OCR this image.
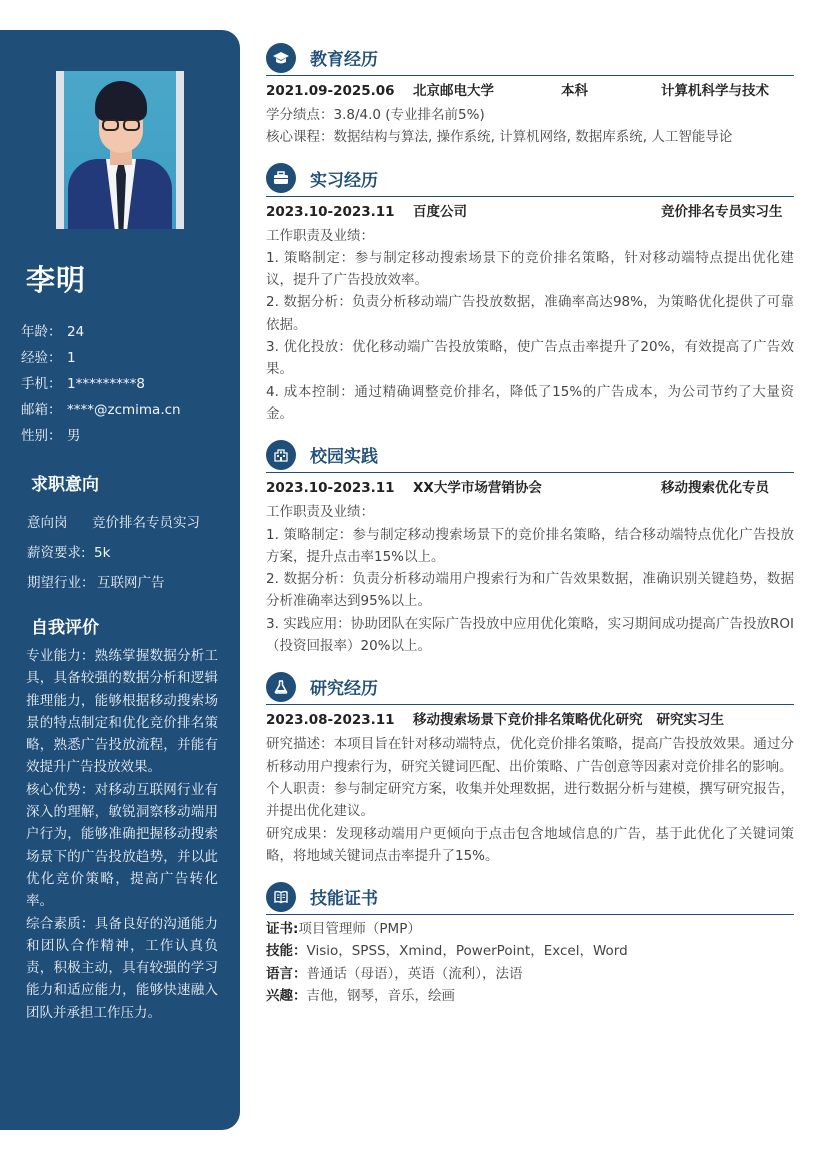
李明
年龄： 24
经验： 1
手机： 1*********8
邮箱： ****@zcmima.cn
性别： 男
求职意向
意向岗	竞价排名专员实习
薪资要求: 5k
期望行业： 互联网广告
自我评价

专业能力：熟练掌握数据分析工具，具备较强的数据分析和逻辑推理能力，能够根据移动搜索场景的特点制定和优化竞价排名策略，熟悉广告投放流程，并能有效提升广告投放效果。

核心优势：对移动互联网行业有深入的理解，敏锐洞察移动端用户行为，能够准确把握移动搜索场景下的广告投放趋势，并以此优化竞价策略，提高广告转化率。

综合素质：具备良好的沟通能力和团队合作精神，工作认真负责，积极主动，具有较强的学习能力和适应能力，能够快速融入团队并承担工作压力。

教育经历
2021.09-2025.06	北京邮电大学	本科	计算机科学与技术
学分绩点：3.8/4.0 (专业排名前5%)
核心课程：数据结构与算法, 操作系统, 计算机网络, 数据库系统, 人工智能导论
实习经历
2023.10-2023.11	百度公司	竞价排名专员实习生
工作职责及业绩：
1. 策略制定：参与制定移动搜索场景下的竞价排名策略，针对移动端特点提出优化建议，提升了广告投放效率。
2. 数据分析：负责分析移动端广告投放数据，准确率高达98%，为策略优化提供了可靠依据。
3. 优化投放：优化移动端广告投放策略，使广告点击率提升了20%，有效提高了广告效果。
4. 成本控制：通过精确调整竞价排名，降低了15%的广告成本，为公司节约了大量资金。
校园实践
2023.10-2023.11	XX大学市场营销协会	移动搜索优化专员
工作职责及业绩：
1. 策略制定：参与制定移动搜索场景下的竞价排名策略，结合移动端特点优化广告投放方案，提升点击率15%以上。
2. 数据分析：负责分析移动端用户搜索行为和广告效果数据，准确识别关键趋势，数据分析准确率达到95%以上。
3. 实践应用：协助团队在实际广告投放中应用优化策略，实习期间成功提高广告投放ROI（投资回报率）20%以上。
研究经历
2023.08-2023.11	移动搜索场景下竞价排名策略优化研究 研究实习生
研究描述：本项目旨在针对移动端特点，优化竞价排名策略，提高广告投放效果。通过分析移动用户搜索行为，研究关键词匹配、出价策略、广告创意等因素对竞价排名的影响。
个人职责：参与制定研究方案，收集并处理数据，进行数据分析与建模，撰写研究报告，并提出优化建议。
研究成果：发现移动端用户更倾向于点击包含地域信息的广告，基于此优化了关键词策略，将地域关键词点击率提升了15%。
技能证书
证书:项目管理师（PMP）
技能：Visio，SPSS，Xmind，PowerPoint，Excel，Word
语言：普通话（母语），英语（流利），法语
兴趣：吉他，钢琴，音乐，绘画
